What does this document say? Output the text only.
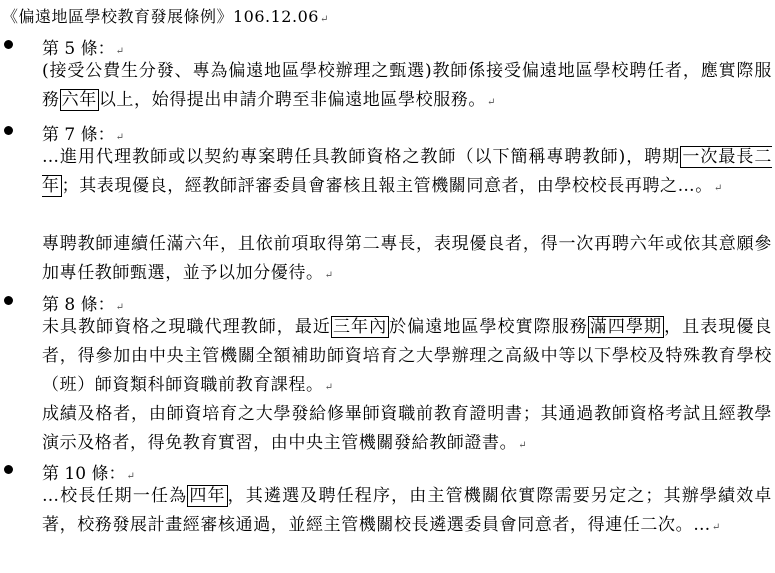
《偏遠地區學校教育發展條例》106.12.06↵
第 5 條：↵
(接受公費生分發、專為偏遠地區學校辦理之甄選)教師係接受偏遠地區學校聘任者，應實際服務 六年 以上，始得提出申請介聘至非偏遠地區學校服務。↵
第 7 條：↵
…進用代理教師或以契約專案聘任具教師資格之教師（以下簡稱專聘教師)，聘期 一次最長二年 ；其表現優良，經教師評審委員會審核且報主管機關同意者，由學校校長再聘之…。↵
專聘教師連續任滿六年，且依前項取得第二專長，表現優良者，得一次再聘六年或依其意願參加專任教師甄選，並予以加分優待。↵
第 8 條：↵
未具教師資格之現職代理教師，最近 三年內 於偏遠地區學校實際服務 滿四學期 ，且表現優良者，得參加由中央主管機關全額補助師資培育之大學辦理之高級中等以下學校及特殊教育學校（班）師資類科師資職前教育課程。↵
成績及格者，由師資培育之大學發給修畢師資職前教育證明書；其通過教師資格考試且經教學演示及格者，得免教育實習，由中央主管機關發給教師證書。↵
第 10 條：↵
…校長任期一任為 四年 ，其遴選及聘任程序，由主管機關依實際需要另定之；其辦學績效卓著，校務發展計畫經審核通過，並經主管機關校長遴選委員會同意者，得連任二次。…↵
